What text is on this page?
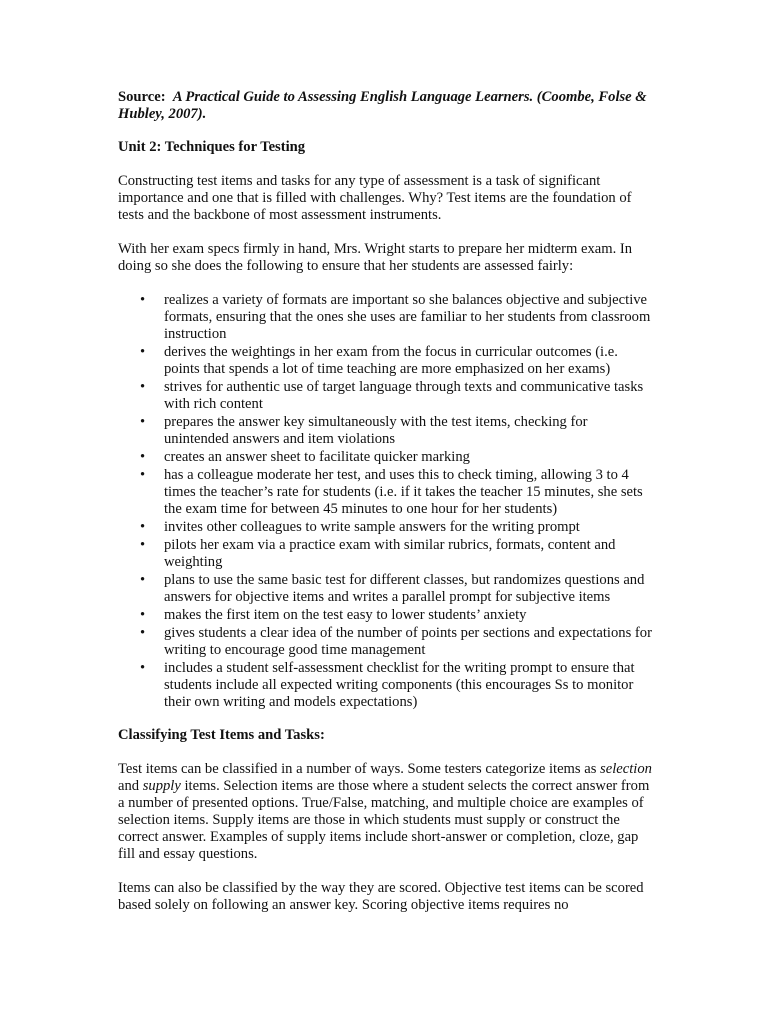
Source: A Practical Guide to Assessing English Language Learners. (Coombe, Folse & Hubley, 2007).

Unit 2: Techniques for Testing

Constructing test items and tasks for any type of assessment is a task of significant importance and one that is filled with challenges. Why? Test items are the foundation of tests and the backbone of most assessment instruments.

With her exam specs firmly in hand, Mrs. Wright starts to prepare her midterm exam. In doing so she does the following to ensure that her students are assessed fairly:

• realizes a variety of formats are important so she balances objective and subjective formats, ensuring that the ones she uses are familiar to her students from classroom instruction
• derives the weightings in her exam from the focus in curricular outcomes (i.e. points that spends a lot of time teaching are more emphasized on her exams)
• strives for authentic use of target language through texts and communicative tasks with rich content
• prepares the answer key simultaneously with the test items, checking for unintended answers and item violations
• creates an answer sheet to facilitate quicker marking
• has a colleague moderate her test, and uses this to check timing, allowing 3 to 4 times the teacher’s rate for students (i.e. if it takes the teacher 15 minutes, she sets the exam time for between 45 minutes to one hour for her students)
• invites other colleagues to write sample answers for the writing prompt
• pilots her exam via a practice exam with similar rubrics, formats, content and weighting
• plans to use the same basic test for different classes, but randomizes questions and answers for objective items and writes a parallel prompt for subjective items
• makes the first item on the test easy to lower students’ anxiety
• gives students a clear idea of the number of points per sections and expectations for writing to encourage good time management
• includes a student self-assessment checklist for the writing prompt to ensure that students include all expected writing components (this encourages Ss to monitor their own writing and models expectations)

Classifying Test Items and Tasks:

Test items can be classified in a number of ways. Some testers categorize items as selection and supply items. Selection items are those where a student selects the correct answer from a number of presented options. True/False, matching, and multiple choice are examples of selection items. Supply items are those in which students must supply or construct the correct answer. Examples of supply items include short-answer or completion, cloze, gap fill and essay questions.

Items can also be classified by the way they are scored. Objective test items can be scored based solely on following an answer key. Scoring objective items requires no
